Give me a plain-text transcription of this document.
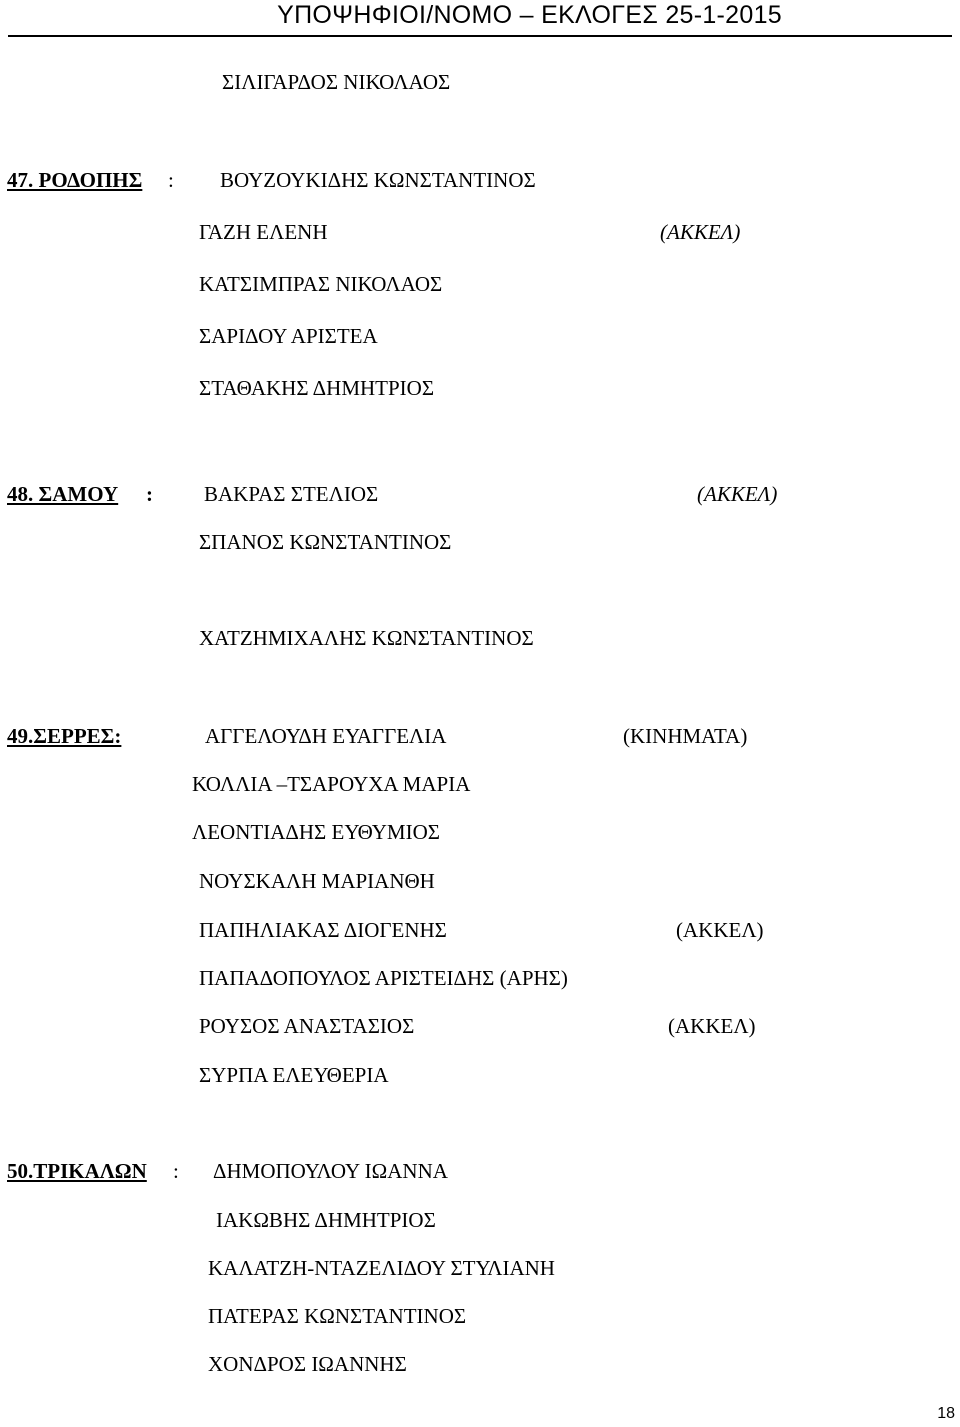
ΥΠΟΨΗΦΙΟΙ/ΝΟΜΟ – ΕΚΛΟΓΕΣ 25-1-2015
ΣΙΛΙΓΑΡΔΟΣ ΝΙΚΟΛΑΟΣ
47. ΡΟΔΟΠΗΣ : ΒΟΥΖΟΥΚΙΔΗΣ ΚΩΝΣΤΑΝΤΙΝΟΣ
ΓΑΖΗ ΕΛΕΝΗ	(ΑΚΚΕΛ)
ΚΑΤΣΙΜΠΡΑΣ ΝΙΚΟΛΑΟΣ
ΣΑΡΙΔΟΥ ΑΡΙΣΤΕΑ
ΣΤΑΘΑΚΗΣ ΔΗΜΗΤΡΙΟΣ
48. ΣΑΜΟΥ : ΒΑΚΡΑΣ ΣΤΕΛΙΟΣ	(ΑΚΚΕΛ)
ΣΠΑΝΟΣ ΚΩΝΣΤΑΝΤΙΝΟΣ
ΧΑΤΖΗΜΙΧΑΛΗΣ ΚΩΝΣΤΑΝΤΙΝΟΣ
49.ΣΕΡΡΕΣ:	ΑΓΓΕΛΟΥΔΗ ΕΥΑΓΓΕΛΙΑ	(ΚΙΝΗΜΑΤΑ)
ΚΟΛΛΙΑ –ΤΣΑΡΟΥΧΑ ΜΑΡΙΑ
ΛΕΟΝΤΙΑΔΗΣ ΕΥΘΥΜΙΟΣ
ΝΟΥΣΚΑΛΗ ΜΑΡΙΑΝΘΗ
ΠΑΠΗΛΙΑΚΑΣ ΔΙΟΓΕΝΗΣ	(ΑΚΚΕΛ)
ΠΑΠΑΔΟΠΟΥΛΟΣ ΑΡΙΣΤΕΙΔΗΣ (ΑΡΗΣ)
ΡΟΥΣΟΣ ΑΝΑΣΤΑΣΙΟΣ	(ΑΚΚΕΛ)
ΣΥΡΠΑ ΕΛΕΥΘΕΡΙΑ
50.ΤΡΙΚΑΛΩΝ : ΔΗΜΟΠΟΥΛΟΥ ΙΩΑΝΝΑ
ΙΑΚΩΒΗΣ ΔΗΜΗΤΡΙΟΣ
ΚΑΛΑΤΖΗ-ΝΤΑΖΕΛΙΔΟΥ ΣΤΥΛΙΑΝΗ
ΠΑΤΕΡΑΣ ΚΩΝΣΤΑΝΤΙΝΟΣ
ΧΟΝΔΡΟΣ ΙΩΑΝΝΗΣ
18
